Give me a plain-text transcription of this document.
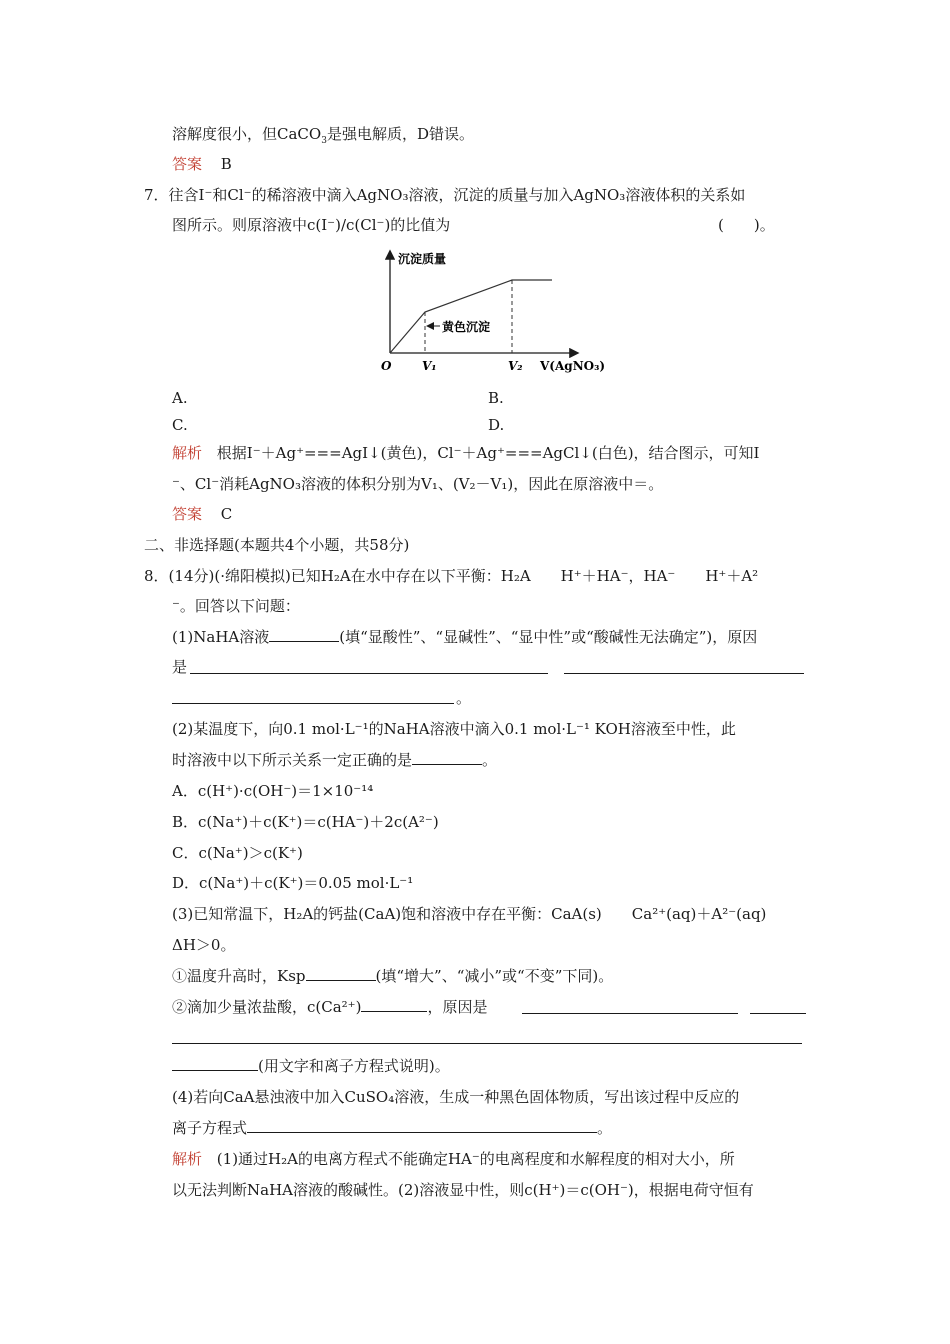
溶解度很小，但CaCO$_3$是强电解质，D错误。
答案 B
7．往含I⁻和Cl⁻的稀溶液中滴入AgNO₃溶液，沉淀的质量与加入AgNO₃溶液体积的关系如
图所示。则原溶液中c(I⁻)/c(Cl⁻)的比值为	(　　)。
沉淀质量
O	V₁	V₂ V(AgNO₃)
黄色沉淀
A.	B.
C.	D.
解析 根据I⁻＋Ag⁺===AgI↓(黄色)，Cl⁻＋Ag⁺===AgCl↓(白色)，结合图示，可知I
⁻、Cl⁻消耗AgNO₃溶液的体积分别为V₁、(V₂－V₁)，因此在原溶液中＝。
答案 C
二、非选择题(本题共4个小题，共58分)
8．(14分)(·绵阳模拟)已知H₂A在水中存在以下平衡：H₂A　　H⁺＋HA⁻，HA⁻　　H⁺＋A²
⁻。回答以下问题：
(1)NaHA溶液	(填“显酸性”、“显碱性”、“显中性”或“酸碱性无法确定”)，原因
是
。
(2)某温度下，向0.1 mol·L⁻¹的NaHA溶液中滴入0.1 mol·L⁻¹ KOH溶液至中性，此
时溶液中以下所示关系一定正确的是	。
A．c(H⁺)·c(OH⁻)＝1×10⁻¹⁴
B．c(Na⁺)＋c(K⁺)＝c(HA⁻)＋2c(A²⁻)
C．c(Na⁺)＞c(K⁺)
D．c(Na⁺)＋c(K⁺)＝0.05 mol·L⁻¹
(3)已知常温下，H₂A的钙盐(CaA)饱和溶液中存在平衡：CaA(s)　　Ca²⁺(aq)＋A²⁻(aq)
ΔH＞0。
①温度升高时，Ksp	(填“增大”、“减小”或“不变”下同)。
②滴加少量浓盐酸，c(Ca²⁺)	，原因是
(用文字和离子方程式说明)。
(4)若向CaA悬浊液中加入CuSO₄溶液，生成一种黑色固体物质，写出该过程中反应的
离子方程式	。
解析 (1)通过H₂A的电离方程式不能确定HA⁻的电离程度和水解程度的相对大小，所
以无法判断NaHA溶液的酸碱性。(2)溶液显中性，则c(H⁺)＝c(OH⁻)，根据电荷守恒有
